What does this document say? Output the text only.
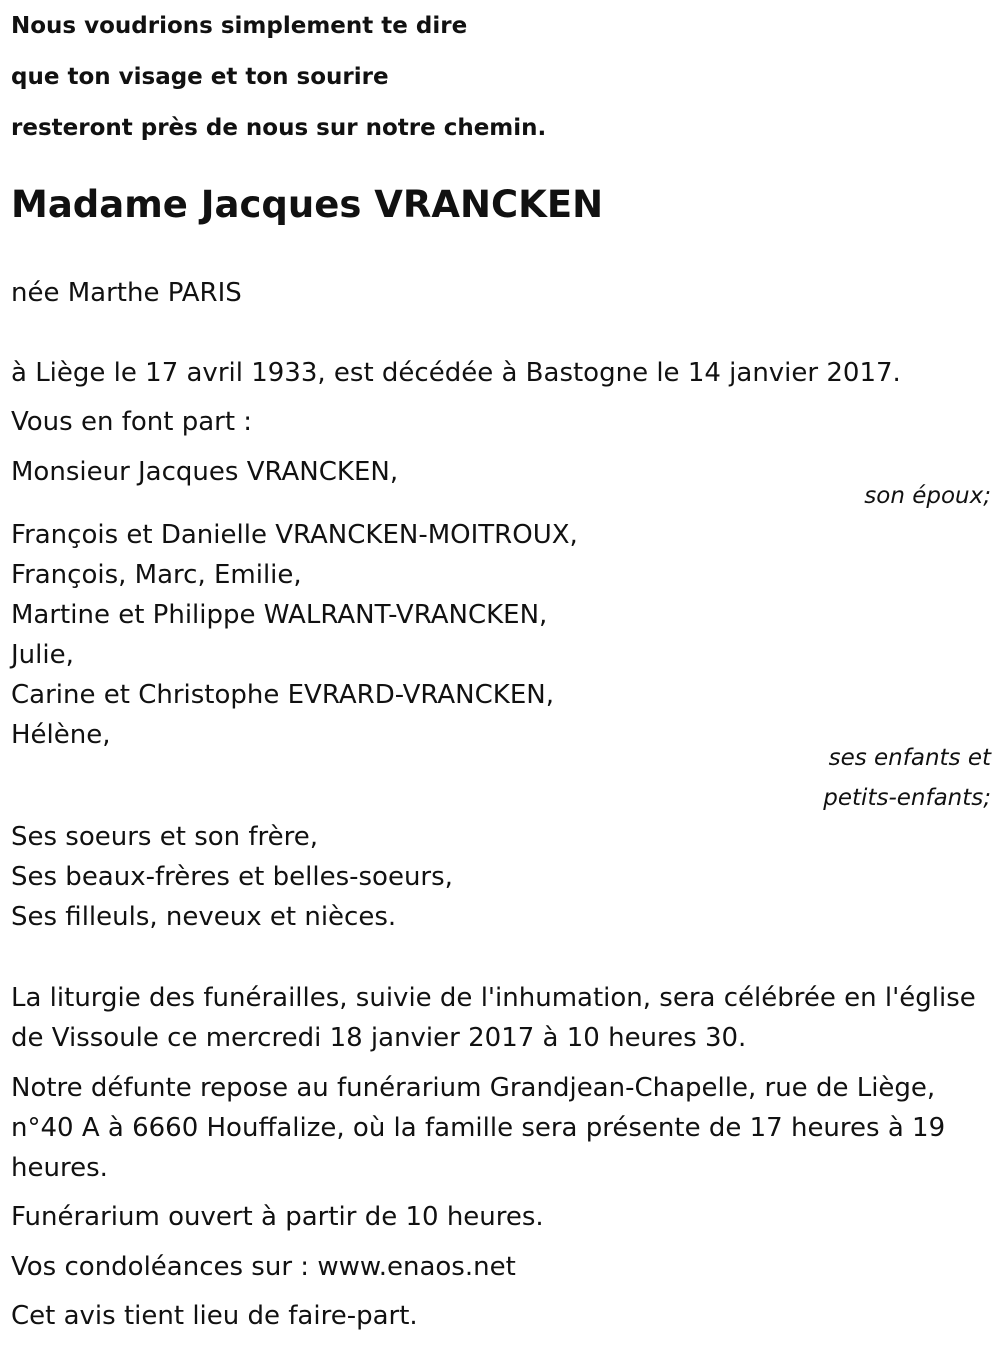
Nous voudrions simplement te dire

que ton visage et ton sourire

resteront près de nous sur notre chemin.

Madame Jacques VRANCKEN

née Marthe PARIS

à Liège le 17 avril 1933, est décédée à Bastogne le 14 janvier 2017.

Vous en font part :

Monsieur Jacques VRANCKEN,

son époux;

François et Danielle VRANCKEN-MOITROUX,

François, Marc, Emilie,

Martine et Philippe WALRANT-VRANCKEN,

Julie,

Carine et Christophe EVRARD-VRANCKEN,

Hélène,

ses enfants et
petits-enfants;

Ses soeurs et son frère,

Ses beaux-frères et belles-soeurs,

Ses filleuls, neveux et nièces.

La liturgie des funérailles, suivie de l'inhumation, sera célébrée en l'église de Vissoule ce mercredi 18 janvier 2017 à 10 heures 30.

Notre défunte repose au funérarium Grandjean-Chapelle, rue de Liège, n°40 A à 6660 Houffalize, où la famille sera présente de 17 heures à 19 heures.

Funérarium ouvert à partir de 10 heures.

Vos condoléances sur : www.enaos.net

Cet avis tient lieu de faire-part.
